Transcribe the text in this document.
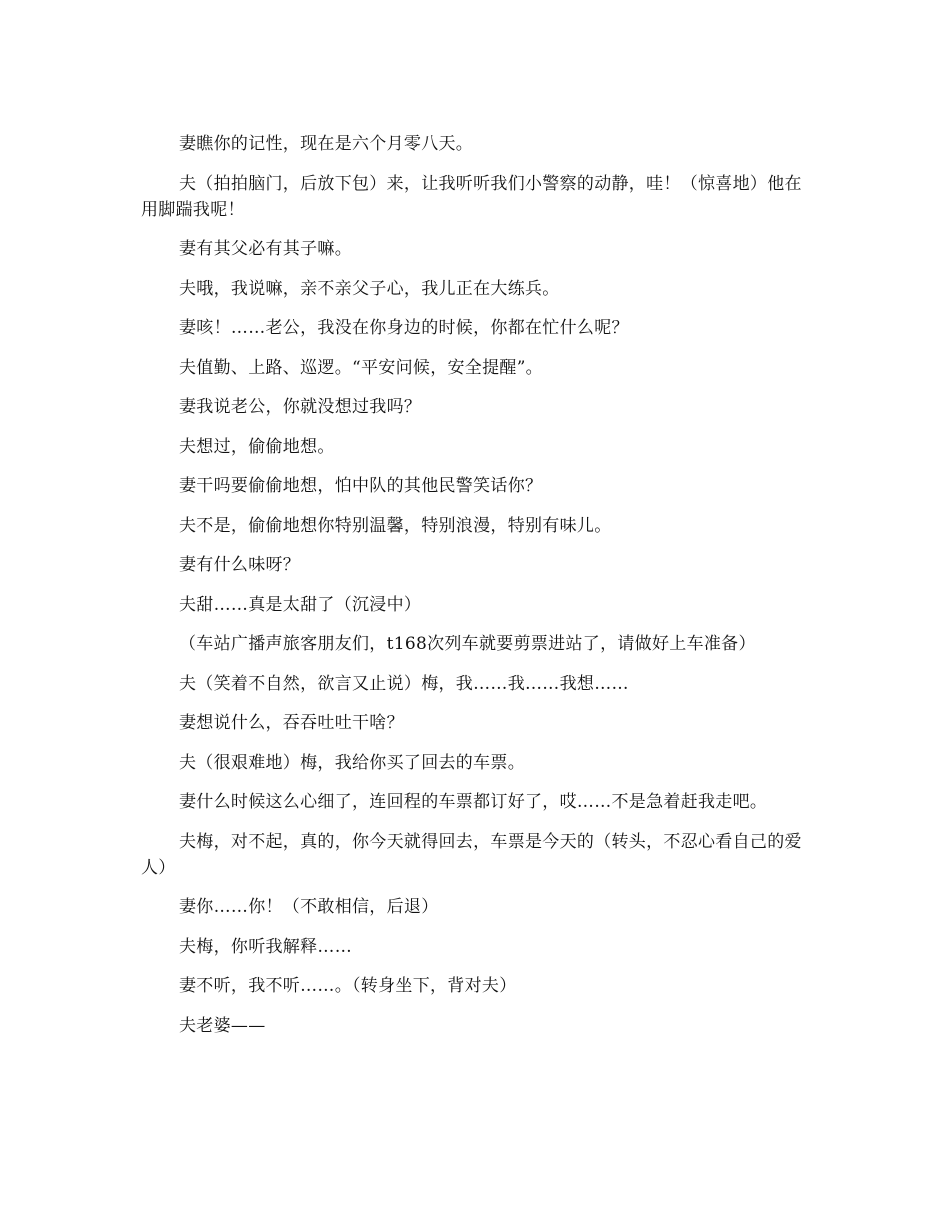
妻瞧你的记性，现在是六个月零八天。

夫（拍拍脑门，后放下包）来，让我听听我们小警察的动静，哇！（惊喜地）他在用脚踹我呢！

妻有其父必有其子嘛。

夫哦，我说嘛，亲不亲父子心，我儿正在大练兵。

妻咳！……老公，我没在你身边的时候，你都在忙什么呢？

夫值勤、上路、巡逻。“平安问候，安全提醒”。

妻我说老公，你就没想过我吗？

夫想过，偷偷地想。

妻干吗要偷偷地想，怕中队的其他民警笑话你？

夫不是，偷偷地想你特别温馨，特别浪漫，特别有味儿。

妻有什么味呀？

夫甜……真是太甜了（沉浸中）

（车站广播声旅客朋友们，t168次列车就要剪票进站了，请做好上车准备）

夫（笑着不自然，欲言又止说）梅，我……我……我想……

妻想说什么，吞吞吐吐干啥？

夫（很艰难地）梅，我给你买了回去的车票。

妻什么时候这么心细了，连回程的车票都订好了，哎……不是急着赶我走吧。

夫梅，对不起，真的，你今天就得回去，车票是今天的（转头，不忍心看自己的爱人）

妻你……你！（不敢相信，后退）

夫梅，你听我解释……

妻不听，我不听……。（转身坐下，背对夫）

夫老婆——
